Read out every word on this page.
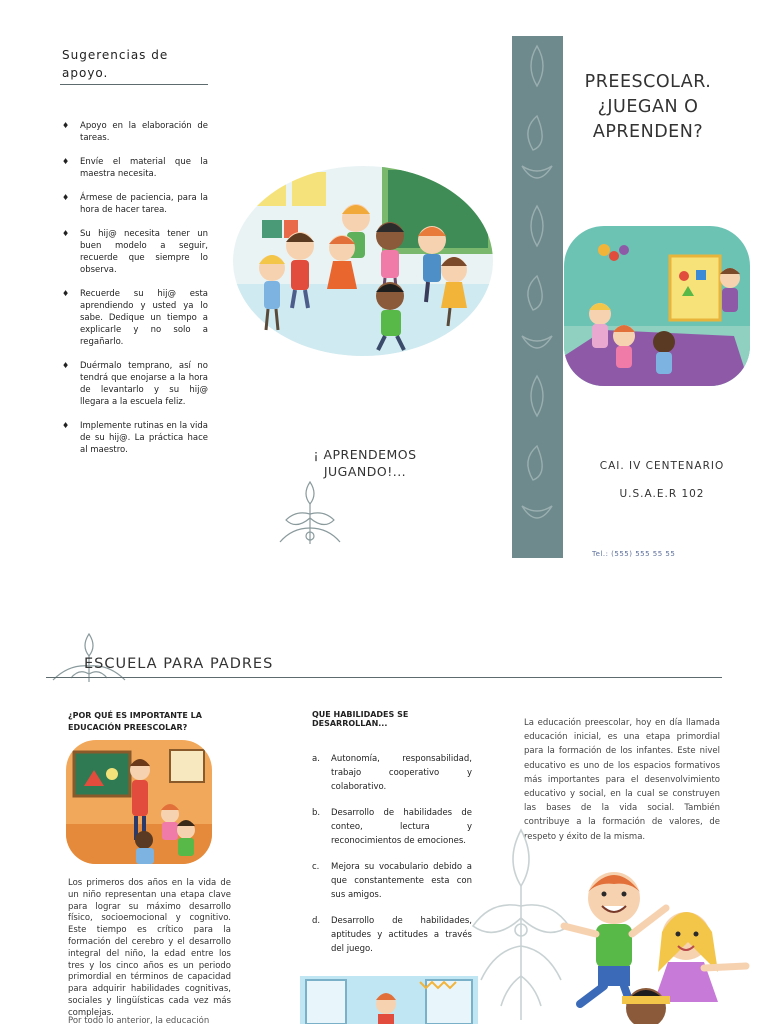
Sugerencias de apoyo.
♦ Apoyo en la elaboración de tareas.
♦ Envíe el material que la maestra necesita.
♦ Ármese de paciencia, para la hora de hacer tarea.
♦ Su hij@ necesita tener un buen modelo a seguir, recuerde que siempre lo observa.
♦ Recuerde su hij@ esta aprendiendo y usted ya lo sabe. Dedique un tiempo a explicarle y no solo a regañarlo.
♦ Duérmalo temprano, así no tendrá que enojarse a la hora de levantarlo y su hij@ llegara a la escuela feliz.
♦ Implemente rutinas en la vida de su hij@. La práctica hace al maestro.	¡ APRENDEMOS JUGANDO!...
PREESCOLAR. ¿JUEGAN O APRENDEN?
CAI. IV CENTENARIO
U.S.A.E.R 102
Tel.: (555) 555 55 55
ESCUELA PARA PADRES
¿POR QUÉ ES IMPORTANTE LA EDUCACIÓN PREESCOLAR?
Los primeros dos años en la vida de un niño representan una etapa clave para lograr su máximo desarrollo físico, socioemocional y cognitivo. Este tiempo es crítico para la formación del cerebro y el desarrollo integral del niño, la edad entre los tres y los cinco años es un periodo primordial en términos de capacidad para adquirir habilidades cognitivas, sociales y lingüísticas cada vez más complejas.
Por todo lo anterior, la educación
QUE HABILIDADES SE DESARROLLAN...
a. Autonomía, responsabilidad, trabajo cooperativo y colaborativo.
b. Desarrollo de habilidades de conteo, lectura y reconocimientos de emociones.
c. Mejora su vocabulario debido a que constantemente esta con sus amigos.
d. Desarrollo de habilidades, aptitudes y actitudes a través del juego.
La educación preescolar, hoy en día llamada educación inicial, es una etapa primordial para la formación de los infantes. Este nivel educativo es uno de los espacios formativos más importantes para el desenvolvimiento educativo y social, en la cual se construyen las bases de la vida social. También contribuye a la formación de valores, de respeto y éxito de la misma.
